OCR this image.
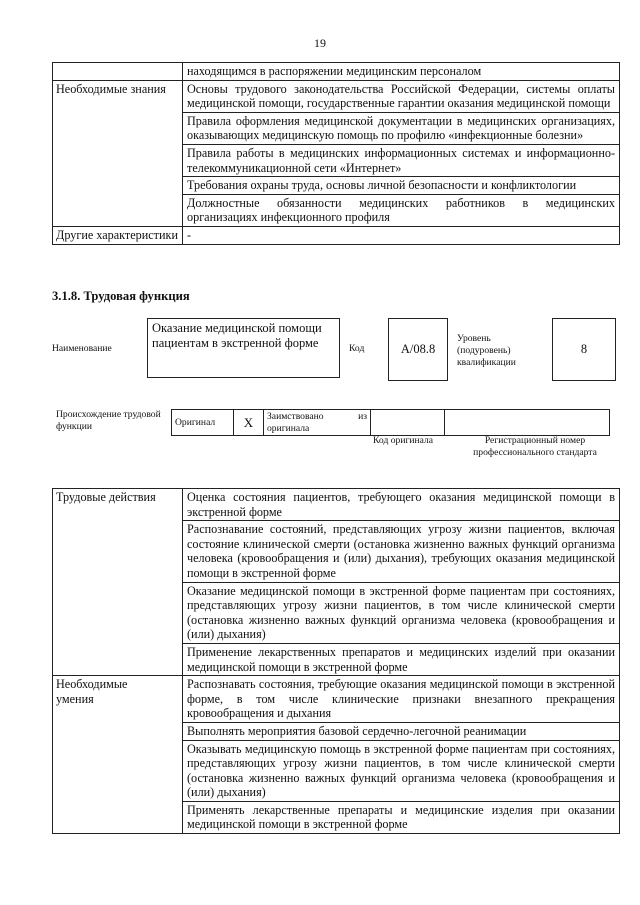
19
	находящимся в распоряжении медицинским персоналом
Необходимые знания	Основы трудового законодательства Российской Федерации, системы оплаты медицинской помощи, государственные гарантии оказания медицинской помощи
	Правила оформления медицинской документации в медицинских организациях, оказывающих медицинскую помощь по профилю «инфекционные болезни»
	Правила работы в медицинских информационных системах и информационно-телекоммуникационной сети «Интернет»
	Требования охраны труда, основы личной безопасности и конфликтологии
	Должностные обязанности медицинских работников в медицинских организациях инфекционного профиля
Другие характеристики	-
3.1.8. Трудовая функция
Наименование
Оказание медицинской помощи пациентам в экстренной форме	Код	А/08.8
Уровень (подуровень) квалификации
8
Происхождение трудовой функции	Оригинал	X	Заимствовано из оригинала		
Код оригинала	Регистрационный номер профессионального стандарта
Трудовые действия	Оценка состояния пациентов, требующего оказания медицинской помощи в экстренной форме
	Распознавание состояний, представляющих угрозу жизни пациентов, включая состояние клинической смерти (остановка жизненно важных функций организма человека (кровообращения и (или) дыхания), требующих оказания медицинской помощи в экстренной форме
	Оказание медицинской помощи в экстренной форме пациентам при состояниях, представляющих угрозу жизни пациентов, в том числе клинической смерти (остановка жизненно важных функций организма человека (кровообращения и (или) дыхания)
	Применение лекарственных препаратов и медицинских изделий при оказании медицинской помощи в экстренной форме
Необходимые умения	Распознавать состояния, требующие оказания медицинской помощи в экстренной форме, в том числе клинические признаки внезапного прекращения кровообращения и дыхания
	Выполнять мероприятия базовой сердечно-легочной реанимации
	Оказывать медицинскую помощь в экстренной форме пациентам при состояниях, представляющих угрозу жизни пациентов, в том числе клинической смерти (остановка жизненно важных функций организма человека (кровообращения и (или) дыхания)
	Применять лекарственные препараты и медицинские изделия при оказании медицинской помощи в экстренной форме
